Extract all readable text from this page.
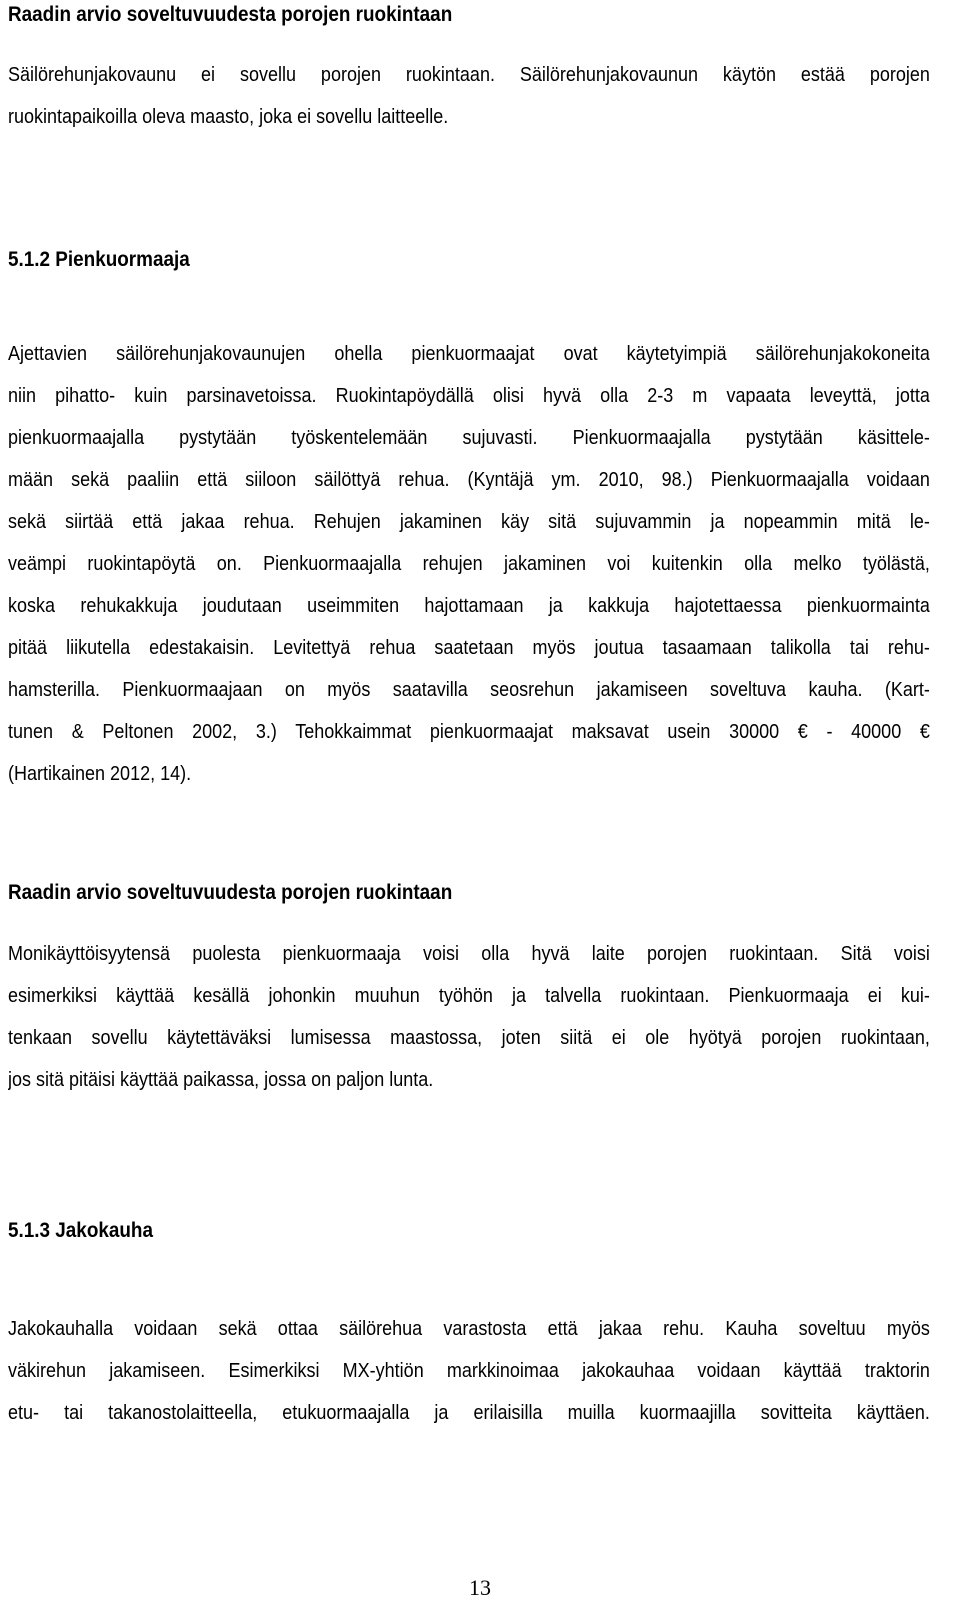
Raadin arvio soveltuvuudesta porojen ruokintaan
Säilörehunjakovaunu ei sovellu porojen ruokintaan. Säilörehunjakovaunun käytön estää porojen
ruokintapaikoilla oleva maasto, joka ei sovellu laitteelle.
5.1.2 Pienkuormaaja
Ajettavien säilörehunjakovaunujen ohella pienkuormaajat ovat käytetyimpiä säilörehunjakokoneita
niin pihatto- kuin parsinavetoissa. Ruokintapöydällä olisi hyvä olla 2-3 m vapaata leveyttä, jotta
pienkuormaajalla pystytään työskentelemään sujuvasti. Pienkuormaajalla pystytään käsittele-
mään sekä paaliin että siiloon säilöttyä rehua. (Kyntäjä ym. 2010, 98.) Pienkuormaajalla voidaan
sekä siirtää että jakaa rehua. Rehujen jakaminen käy sitä sujuvammin ja nopeammin mitä le-
veämpi ruokintapöytä on. Pienkuormaajalla rehujen jakaminen voi kuitenkin olla melko työlästä,
koska rehukakkuja joudutaan useimmiten hajottamaan ja kakkuja hajotettaessa pienkuormainta
pitää liikutella edestakaisin. Levitettyä rehua saatetaan myös joutua tasaamaan talikolla tai rehu-
hamsterilla. Pienkuormaajaan on myös saatavilla seosrehun jakamiseen soveltuva kauha. (Kart-
tunen & Peltonen 2002, 3.) Tehokkaimmat pienkuormaajat maksavat usein 30000 € - 40000 €
(Hartikainen 2012, 14).
Raadin arvio soveltuvuudesta porojen ruokintaan
Monikäyttöisyytensä puolesta pienkuormaaja voisi olla hyvä laite porojen ruokintaan. Sitä voisi
esimerkiksi käyttää kesällä johonkin muuhun työhön ja talvella ruokintaan. Pienkuormaaja ei kui-
tenkaan sovellu käytettäväksi lumisessa maastossa, joten siitä ei ole hyötyä porojen ruokintaan,
jos sitä pitäisi käyttää paikassa, jossa on paljon lunta.
5.1.3 Jakokauha
Jakokauhalla voidaan sekä ottaa säilörehua varastosta että jakaa rehu. Kauha soveltuu myös
väkirehun jakamiseen. Esimerkiksi MX-yhtiön markkinoimaa jakokauhaa voidaan käyttää traktorin
etu- tai takanostolaitteella, etukuormaajalla ja erilaisilla muilla kuormaajilla sovitteita käyttäen.
13
